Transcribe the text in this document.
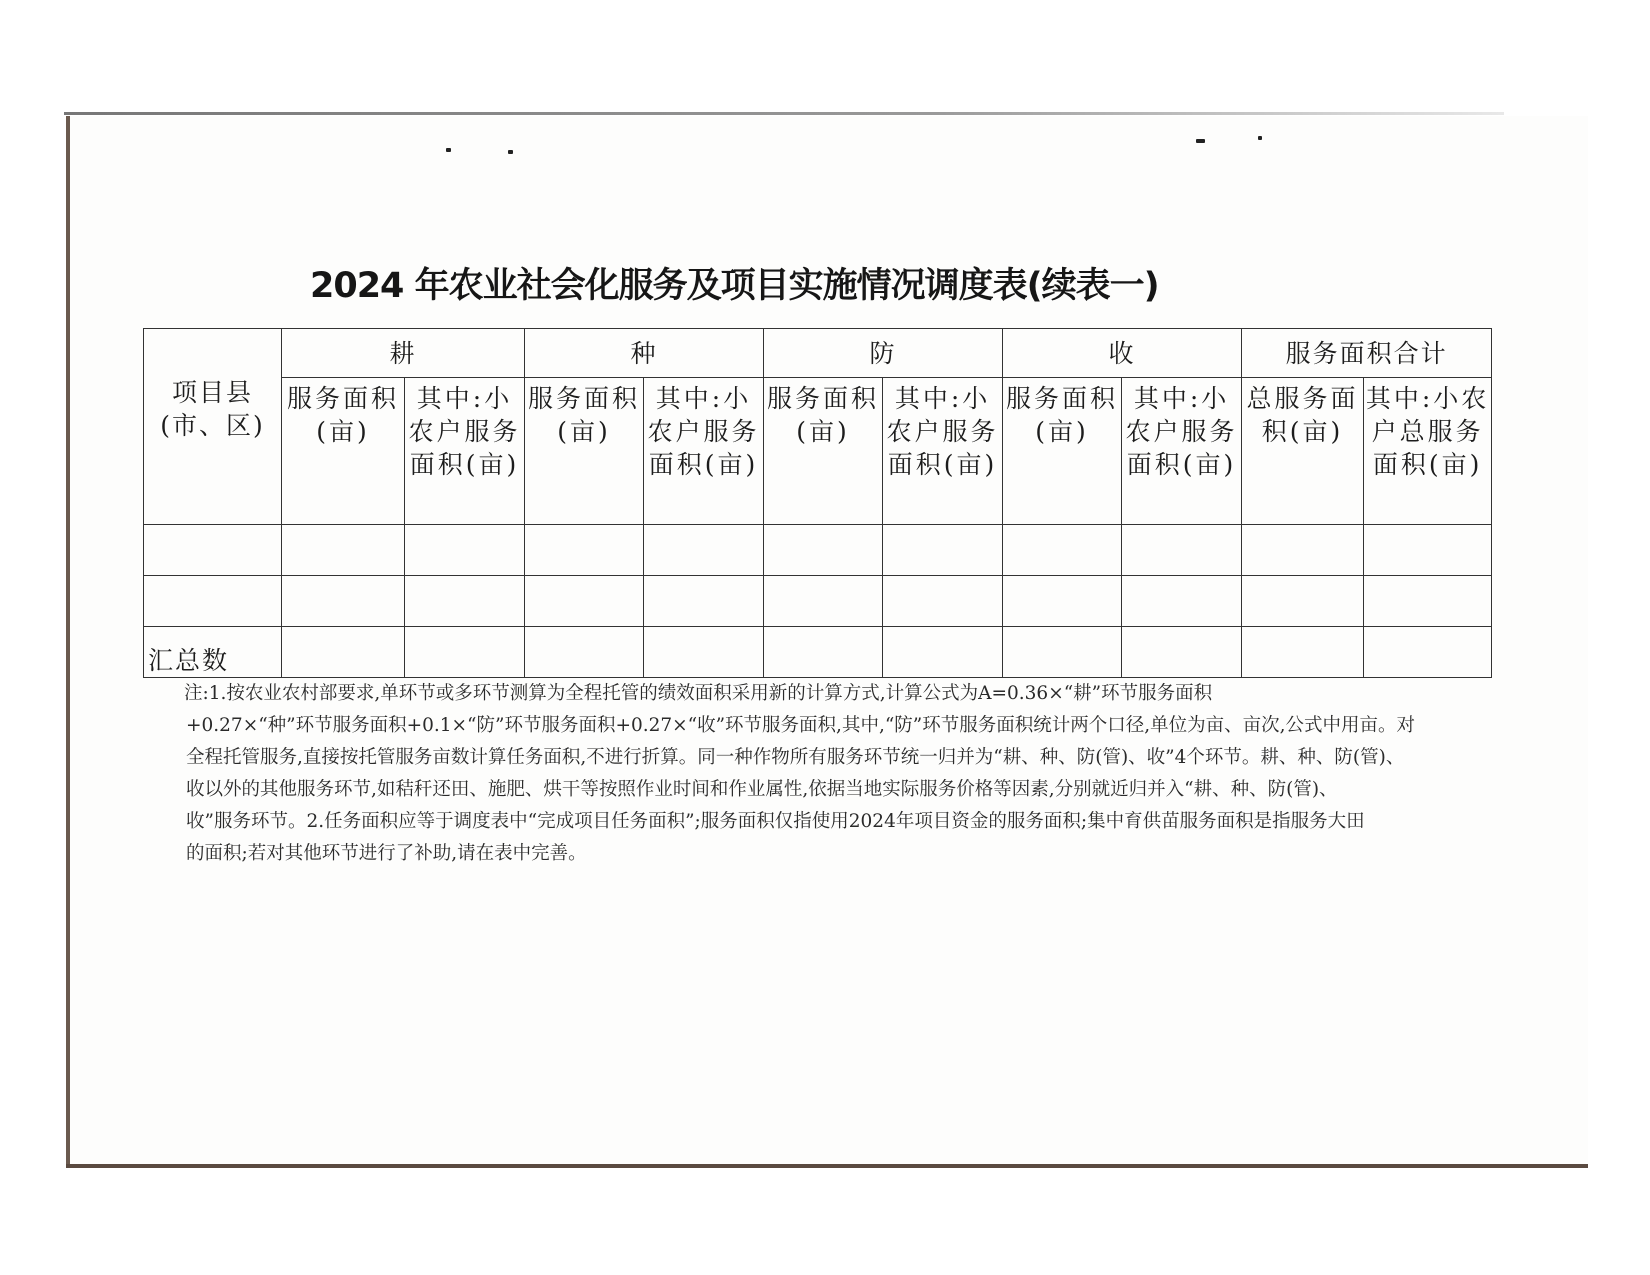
2024 年农业社会化服务及项目实施情况调度表(续表一)
项目县(市、区)	耕		种		防		收		服务面积合计	
	服务面积(亩)	其中:小农户服务面积(亩)	服务面积(亩)	其中:小农户服务面积(亩)	服务面积(亩)	其中:小农户服务面积(亩)	服务面积(亩)	其中:小农户服务面积(亩)	总服务面积(亩)	其中:小农户总服务面积(亩)

汇总数										

注:1.按农业农村部要求,单环节或多环节测算为全程托管的绩效面积采用新的计算方式,计算公式为A=0.36×“耕”环节服务面积

+0.27×“种”环节服务面积+0.1×“防”环节服务面积+0.27×“收”环节服务面积,其中,“防”环节服务面积统计两个口径,单位为亩、亩次,公式中用亩。对

全程托管服务,直接按托管服务亩数计算任务面积,不进行折算。同一种作物所有服务环节统一归并为“耕、种、防(管)、收”4个环节。耕、种、防(管)、

收以外的其他服务环节,如秸秆还田、施肥、烘干等按照作业时间和作业属性,依据当地实际服务价格等因素,分别就近归并入“耕、种、防(管)、

收”服务环节。2.任务面积应等于调度表中“完成项目任务面积”;服务面积仅指使用2024年项目资金的服务面积;集中育供苗服务面积是指服务大田

的面积;若对其他环节进行了补助,请在表中完善。
